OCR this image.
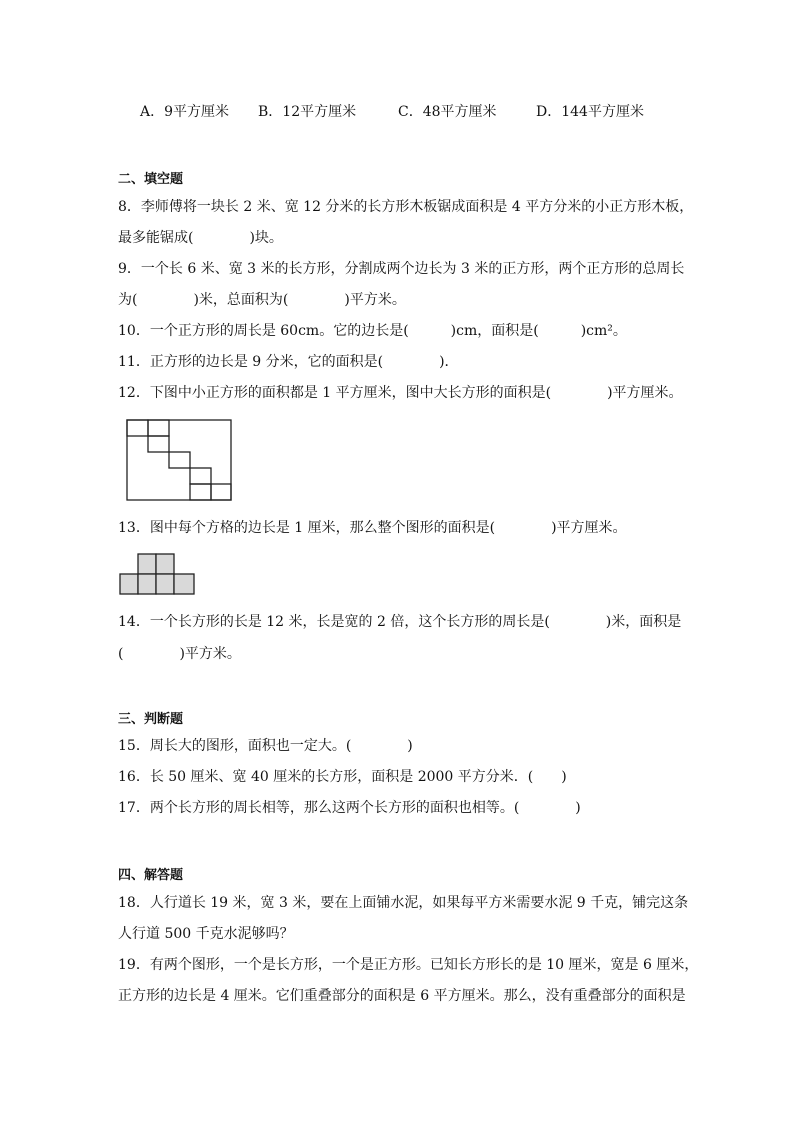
A．9平方厘米 B．12平方厘米	C．48平方厘米	D．144平方厘米
二、填空题
8．李师傅将一块长 2 米、宽 12 分米的长方形木板锯成面积是 4 平方分米的小正方形木板，
最多能锯成(　　　　)块。
9．一个长 6 米、宽 3 米的长方形，分割成两个边长为 3 米的正方形，两个正方形的总周长
为(　　　　)米，总面积为(　　　　)平方米。
10．一个正方形的周长是 60cm。它的边长是(　　　)cm，面积是(　　　)cm²。
11．正方形的边长是 9 分米，它的面积是(　　　　)．
12．下图中小正方形的面积都是 1 平方厘米，图中大长方形的面积是(　　　　)平方厘米。
13．图中每个方格的边长是 1 厘米，那么整个图形的面积是(　　　　)平方厘米。
14．一个长方形的长是 12 米，长是宽的 2 倍，这个长方形的周长是(　　　　)米，面积是
(　　　　)平方米。
三、判断题
15．周长大的图形，面积也一定大。(　　　　)
16．长 50 厘米、宽 40 厘米的长方形，面积是 2000 平方分米．(　　)
17．两个长方形的周长相等，那么这两个长方形的面积也相等。(　　　　)
四、解答题
18．人行道长 19 米，宽 3 米，要在上面铺水泥，如果每平方米需要水泥 9 千克，铺完这条
人行道 500 千克水泥够吗？
19．有两个图形，一个是长方形，一个是正方形。已知长方形长的是 10 厘米，宽是 6 厘米，
正方形的边长是 4 厘米。它们重叠部分的面积是 6 平方厘米。那么，没有重叠部分的面积是
